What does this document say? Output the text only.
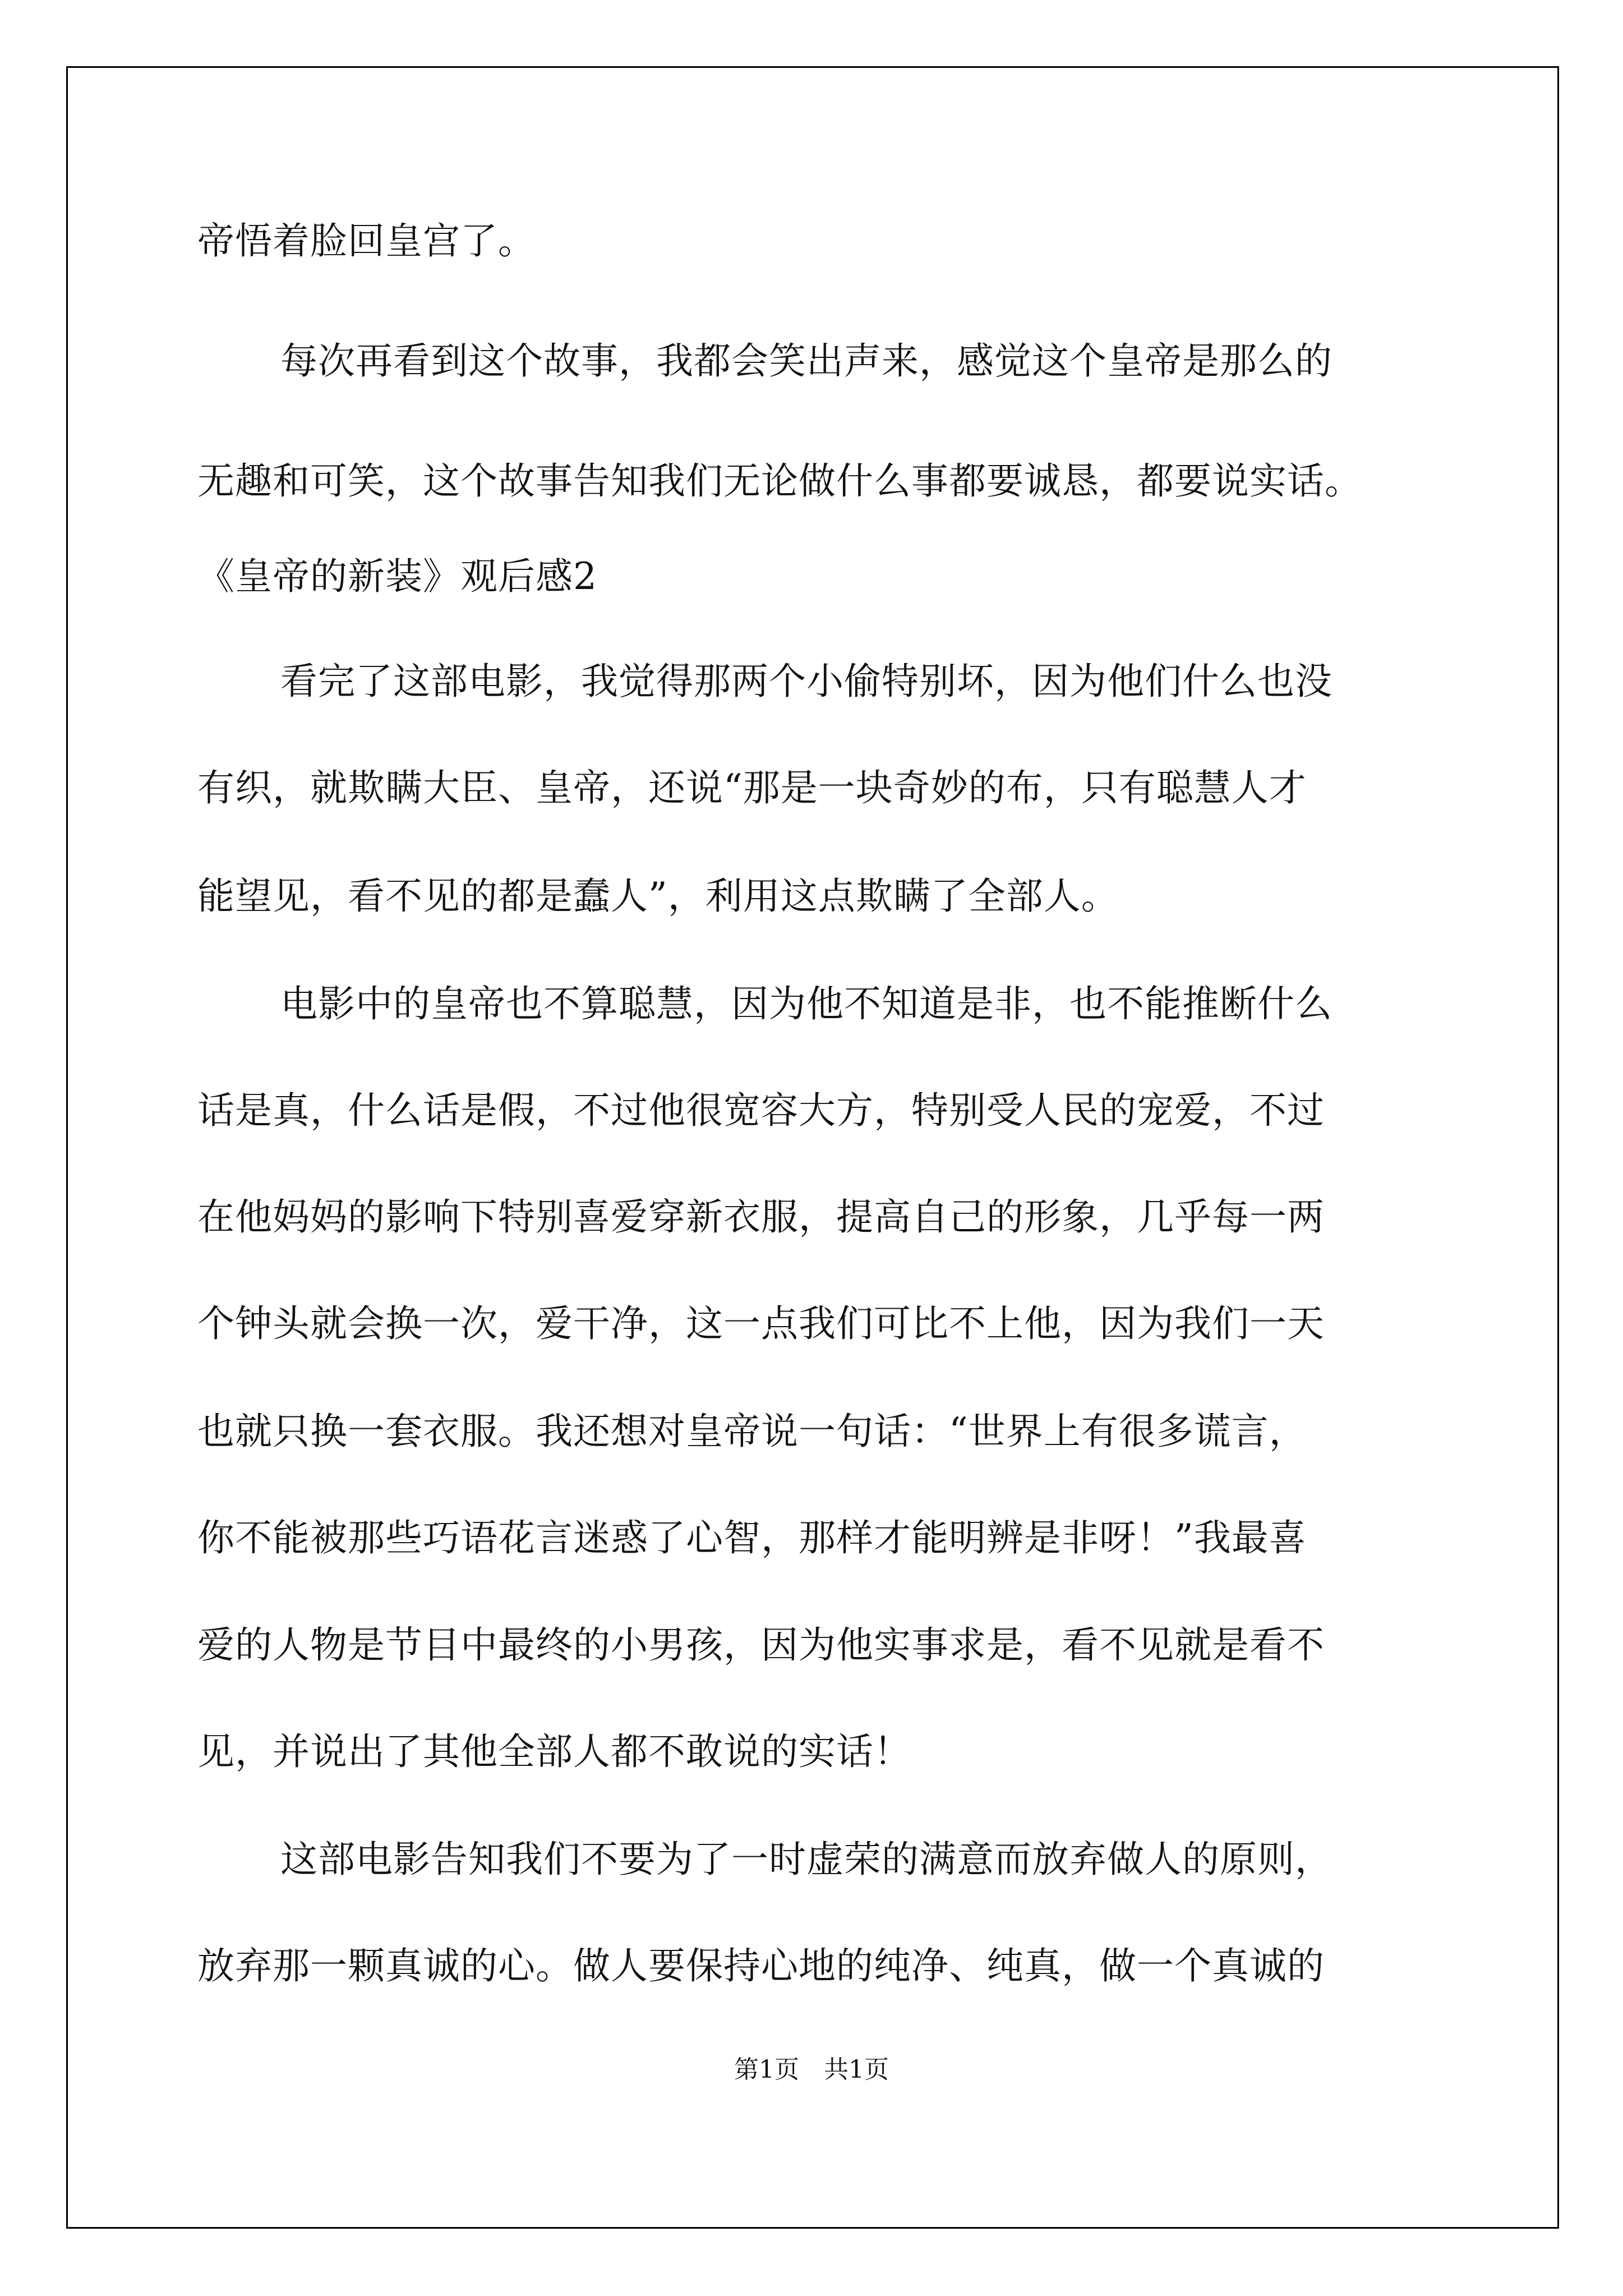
帝悟着脸回皇宫了。

每次再看到这个故事，我都会笑出声来，感觉这个皇帝是那么的

无趣和可笑，这个故事告知我们无论做什么事都要诚恳，都要说实话。

《皇帝的新装》观后感2

看完了这部电影，我觉得那两个小偷特别坏，因为他们什么也没

有织，就欺瞒大臣、皇帝，还说“那是一块奇妙的布，只有聪慧人才

能望见，看不见的都是蠢人”，利用这点欺瞒了全部人。

电影中的皇帝也不算聪慧，因为他不知道是非，也不能推断什么

话是真，什么话是假，不过他很宽容大方，特别受人民的宠爱，不过

在他妈妈的影响下特别喜爱穿新衣服，提高自己的形象，几乎每一两

个钟头就会换一次，爱干净，这一点我们可比不上他，因为我们一天

也就只换一套衣服。我还想对皇帝说一句话：“世界上有很多谎言，

你不能被那些巧语花言迷惑了心智，那样才能明辨是非呀！”我最喜

爱的人物是节目中最终的小男孩，因为他实事求是，看不见就是看不

见，并说出了其他全部人都不敢说的实话！

这部电影告知我们不要为了一时虚荣的满意而放弃做人的原则，

放弃那一颗真诚的心。做人要保持心地的纯净、纯真，做一个真诚的

第1页　共1页
